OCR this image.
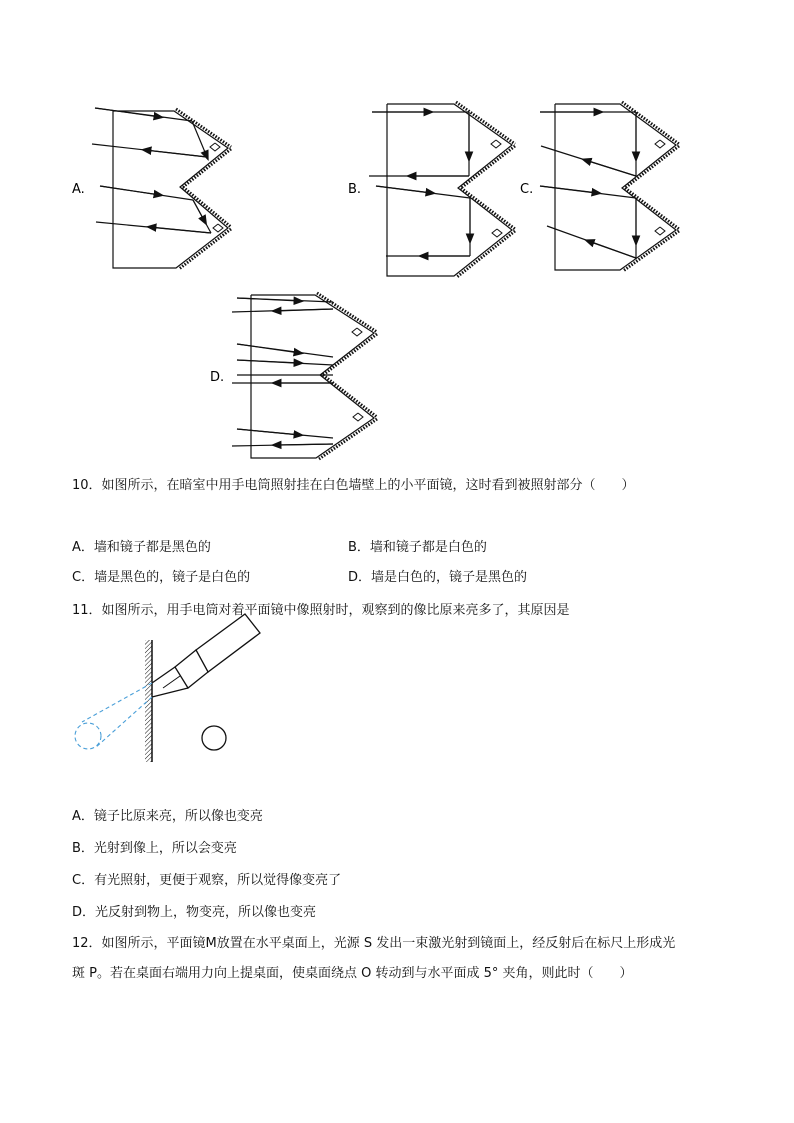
A.	B.	C.
D.
10．如图所示，在暗室中用手电筒照射挂在白色墙壁上的小平面镜，这时看到被照射部分（　　）
A．墙和镜子都是黑色的	B．墙和镜子都是白色的
C．墙是黑色的，镜子是白色的	D．墙是白色的，镜子是黑色的
11．如图所示，用手电筒对着平面镜中像照射时，观察到的像比原来亮多了，其原因是
A．镜子比原来亮，所以像也变亮
B．光射到像上，所以会变亮
C．有光照射，更便于观察，所以觉得像变亮了
D．光反射到物上，物变亮，所以像也变亮
12．如图所示，平面镜M放置在水平桌面上，光源 S 发出一束激光射到镜面上，经反射后在标尺上形成光
斑 P。若在桌面右端用力向上提桌面，使桌面绕点 O 转动到与水平面成 5° 夹角，则此时（　　）
